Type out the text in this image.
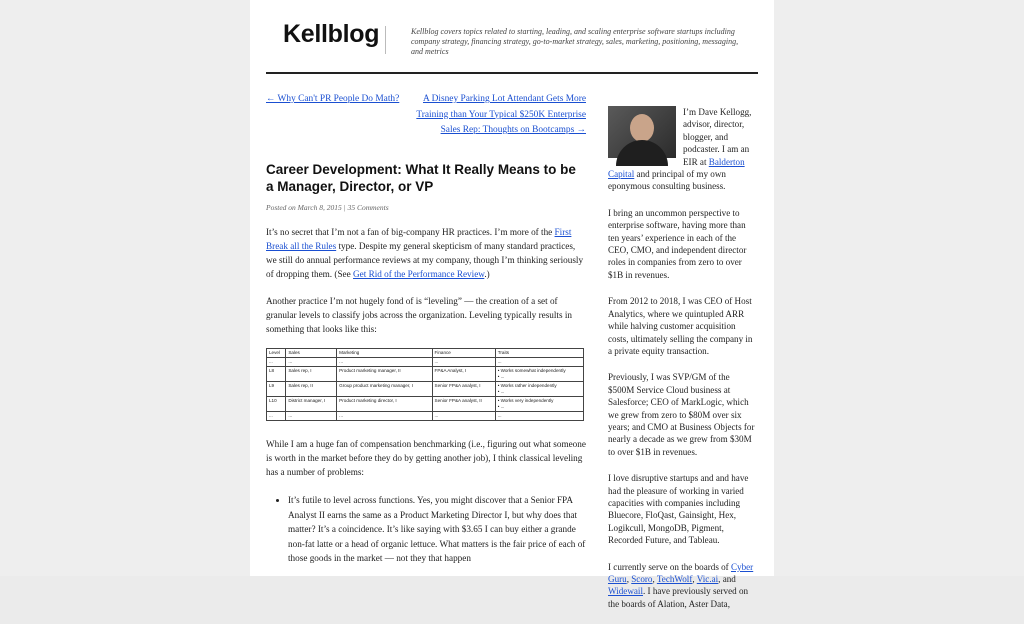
Kellblog	Kellblog covers topics related to starting, leading, and scaling enterprise software startups including company strategy, financing strategy, go-to-market strategy, sales, marketing, positioning, messaging, and metrics
← Why Can't PR People Do Math?	A Disney Parking Lot Attendant Gets More Training than Your Typical $250K Enterprise Sales Rep: Thoughts on Bootcamps →
Career Development: What It Really Means to be a Manager, Director, or VP
Posted on March 8, 2015 | 35 Comments
It’s no secret that I’m not a fan of big-company HR practices. I’m more of the First Break all the Rules type. Despite my general skepticism of many standard practices, we still do annual performance reviews at my company, though I’m thinking seriously of dropping them. (See Get Rid of the Performance Review.)
Another practice I’m not hugely fond of is “leveling” — the creation of a set of granular levels to classify jobs across the organization. Leveling typically results in something that looks like this:
Level	Sales	Marketing	Finance	Traits
...	...	...	...	...
L8	Sales rep, I	Product marketing manager, II	FP&A Analyst, I	• Works somewhat independently
• ...
L9	Sales rep, II	Group product marketing manager, I	Senior FP&A analyst, I	• Works rather independently
• ...
L10	District manager, I	Product marketing director, I	Senior FP&A analyst, II	• Works very independently
• ...
...	...	...	...	...
While I am a huge fan of compensation benchmarking (i.e., figuring out what someone is worth in the market before they do by getting another job), I think classical leveling has a number of problems:
• It’s futile to level across functions. Yes, you might discover that a Senior FPA Analyst II earns the same as a Product Marketing Director I, but why does that matter? It’s a coincidence. It’s like saying with $3.65 I can buy either a grande non-fat latte or a head of organic lettuce. What matters is the fair price of each of those goods in the market — not they that happen

I’m Dave Kellogg, advisor, director, blogger, and podcaster. I am an EIR at Balderton Capital and principal of my own eponymous consulting business.

I bring an uncommon perspective to enterprise software, having more than ten years’ experience in each of the CEO, CMO, and independent director roles in companies from zero to over $1B in revenues.

From 2012 to 2018, I was CEO of Host Analytics, where we quintupled ARR while halving customer acquisition costs, ultimately selling the company in a private equity transaction.

Previously, I was SVP/GM of the $500M Service Cloud business at Salesforce; CEO of MarkLogic, which we grew from zero to $80M over six years; and CMO at Business Objects for nearly a decade as we grew from $30M to over $1B in revenues.

I love disruptive startups and and have had the pleasure of working in varied capacities with companies including Bluecore, FloQast, Gainsight, Hex, Logikcull, MongoDB, Pigment, Recorded Future, and Tableau.

I currently serve on the boards of Cyber Guru, Scoro, TechWolf, Vic.ai, and Widewail. I have previously served on the boards of Alation, Aster Data,
